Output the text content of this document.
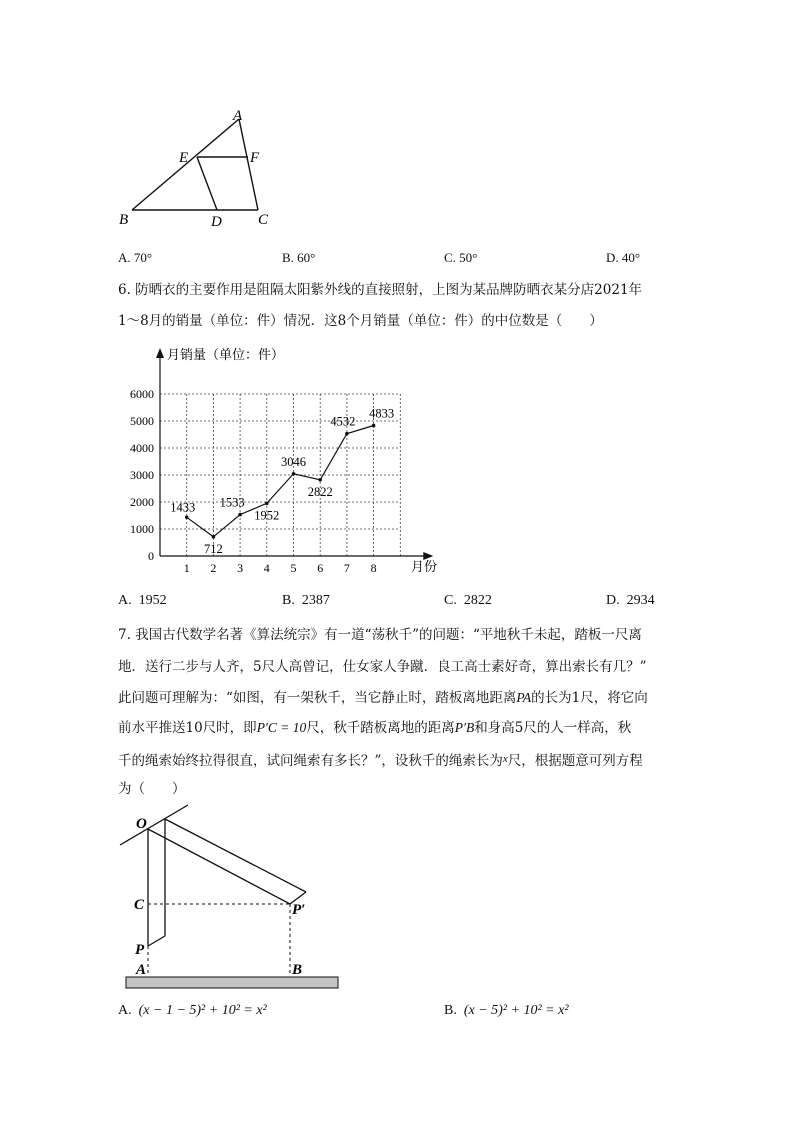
A
E	F
B	D C
A. 70°	B. 60°	C. 50°	D. 40°
6. 防晒衣的主要作用是阻隔太阳紫外线的直接照射，上图为某品牌防晒衣某分店2021年
1～8月的销量（单位：件）情况．这8个月销量（单位：件）的中位数是（　　）
0
1000
2000
3000
4000
5000
6000
1 2 3 4 5 6 7 8
1433
712
1533
1952
3046
2822
4532
4833
月销量（单位：件）
月份
A. 1952	B. 2387	C. 2822	D. 2934
7. 我国古代数学名著《算法统宗》有一道“荡秋千”的问题：“平地秋千未起，踏板一尺离
地．送行二步与人齐，5尺人高曾记，仕女家人争蹴．良工高士素好奇，算出索长有几？”
此问题可理解为：“如图，有一架秋千，当它静止时，踏板离地距离PA的长为1尺，将它向
前水平推送10尺时，即P′C = 10尺，秋千踏板离地的距离P′B和身高5尺的人一样高，秋
千的绳索始终拉得很直，试问绳索有多长？”，设秋千的绳索长为$^x$尺，根据题意可列方程
为（　　）
O
C	P′
P
A	B
A. (x − 1 − 5)² + 10² = x²	B. (x − 5)² + 10² = x²
